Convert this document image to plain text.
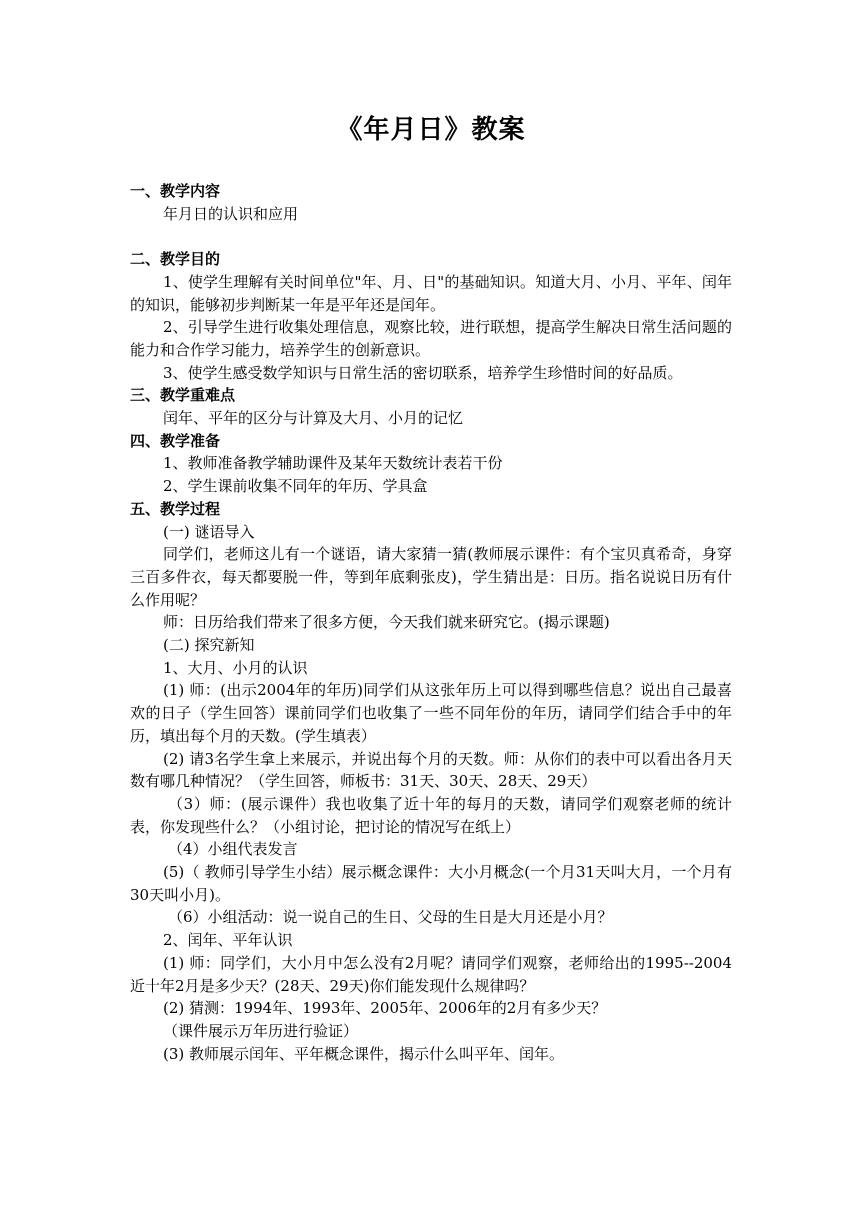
《年月日》教案
一、教学内容
年月日的认识和应用
二、教学目的
1、使学生理解有关时间单位"年、月、日"的基础知识。知道大月、小月、平年、闰年的知识，能够初步判断某一年是平年还是闰年。
2、引导学生进行收集处理信息，观察比较，进行联想，提高学生解决日常生活问题的能力和合作学习能力，培养学生的创新意识。
3、使学生感受数学知识与日常生活的密切联系，培养学生珍惜时间的好品质。
三、教学重难点
闰年、平年的区分与计算及大月、小月的记忆
四、教学准备
1、教师准备教学辅助课件及某年天数统计表若干份
2、学生课前收集不同年的年历、学具盒
五、教学过程
(一) 谜语导入
同学们，老师这儿有一个谜语，请大家猜一猜(教师展示课件：有个宝贝真希奇，身穿三百多件衣，每天都要脱一件，等到年底剩张皮)，学生猜出是：日历。指名说说日历有什么作用呢？
师：日历给我们带来了很多方便，今天我们就来研究它。(揭示课题)
(二) 探究新知
1、大月、小月的认识
(1) 师：(出示2004年的年历)同学们从这张年历上可以得到哪些信息？说出自己最喜欢的日子（学生回答）课前同学们也收集了一些不同年份的年历，请同学们结合手中的年历，填出每个月的天数。(学生填表）
(2) 请3名学生拿上来展示，并说出每个月的天数。师：从你们的表中可以看出各月天数有哪几种情况？（学生回答，师板书：31天、30天、28天、29天）
（3）师：(展示课件）我也收集了近十年的每月的天数，请同学们观察老师的统计表，你发现些什么？（小组讨论，把讨论的情况写在纸上）
（4）小组代表发言
(5)（ 教师引导学生小结）展示概念课件：大小月概念(一个月31天叫大月，一个月有30天叫小月)。
（6）小组活动：说一说自己的生日、父母的生日是大月还是小月？
2、闰年、平年认识
(1) 师：同学们，大小月中怎么没有2月呢？请同学们观察，老师给出的1995--2004近十年2月是多少天？(28天、29天)你们能发现什么规律吗？
(2) 猜测：1994年、1993年、2005年、2006年的2月有多少天？
（课件展示万年历进行验证）
(3) 教师展示闰年、平年概念课件，揭示什么叫平年、闰年。
